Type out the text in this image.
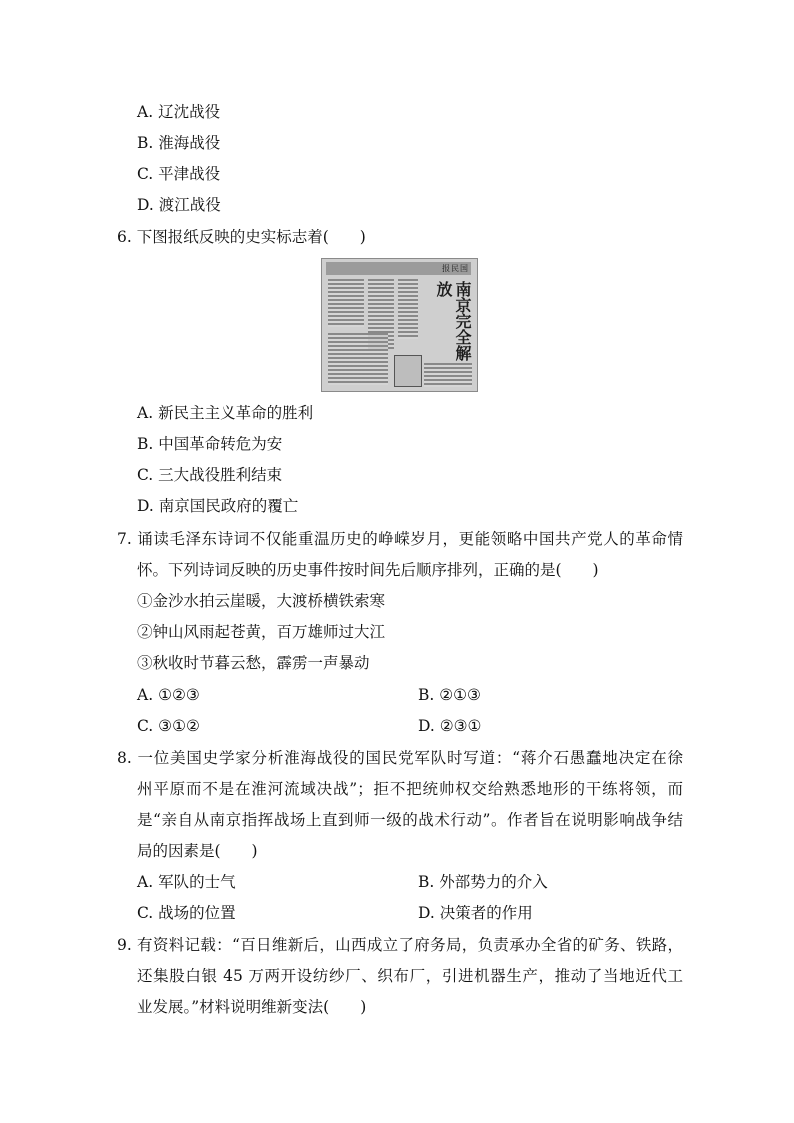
A. 辽沈战役
B. 淮海战役
C. 平津战役
D. 渡江战役
6. 下图报纸反映的史实标志着(　　)
报民国
南京完全解放
A. 新民主主义革命的胜利
B. 中国革命转危为安
C. 三大战役胜利结束
D. 南京国民政府的覆亡
7. 诵读毛泽东诗词不仅能重温历史的峥嵘岁月，更能领略中国共产党人的革命情
怀。下列诗词反映的历史事件按时间先后顺序排列，正确的是(　　)
①金沙水拍云崖暖，大渡桥横铁索寒
②钟山风雨起苍黄，百万雄师过大江
③秋收时节暮云愁，霹雳一声暴动
A. ①②③	B. ②①③
C. ③①②	D. ②③①
8. 一位美国史学家分析淮海战役的国民党军队时写道：“蒋介石愚蠢地决定在徐
州平原而不是在淮河流域决战”；拒不把统帅权交给熟悉地形的干练将领，而
是“亲自从南京指挥战场上直到师一级的战术行动”。作者旨在说明影响战争结
局的因素是(　　)
A. 军队的士气	B. 外部势力的介入
C. 战场的位置	D. 决策者的作用
9. 有资料记载：“百日维新后，山西成立了府务局，负责承办全省的矿务、铁路，
还集股白银 45 万两开设纺纱厂、织布厂，引进机器生产，推动了当地近代工
业发展。”材料说明维新变法(　　)
